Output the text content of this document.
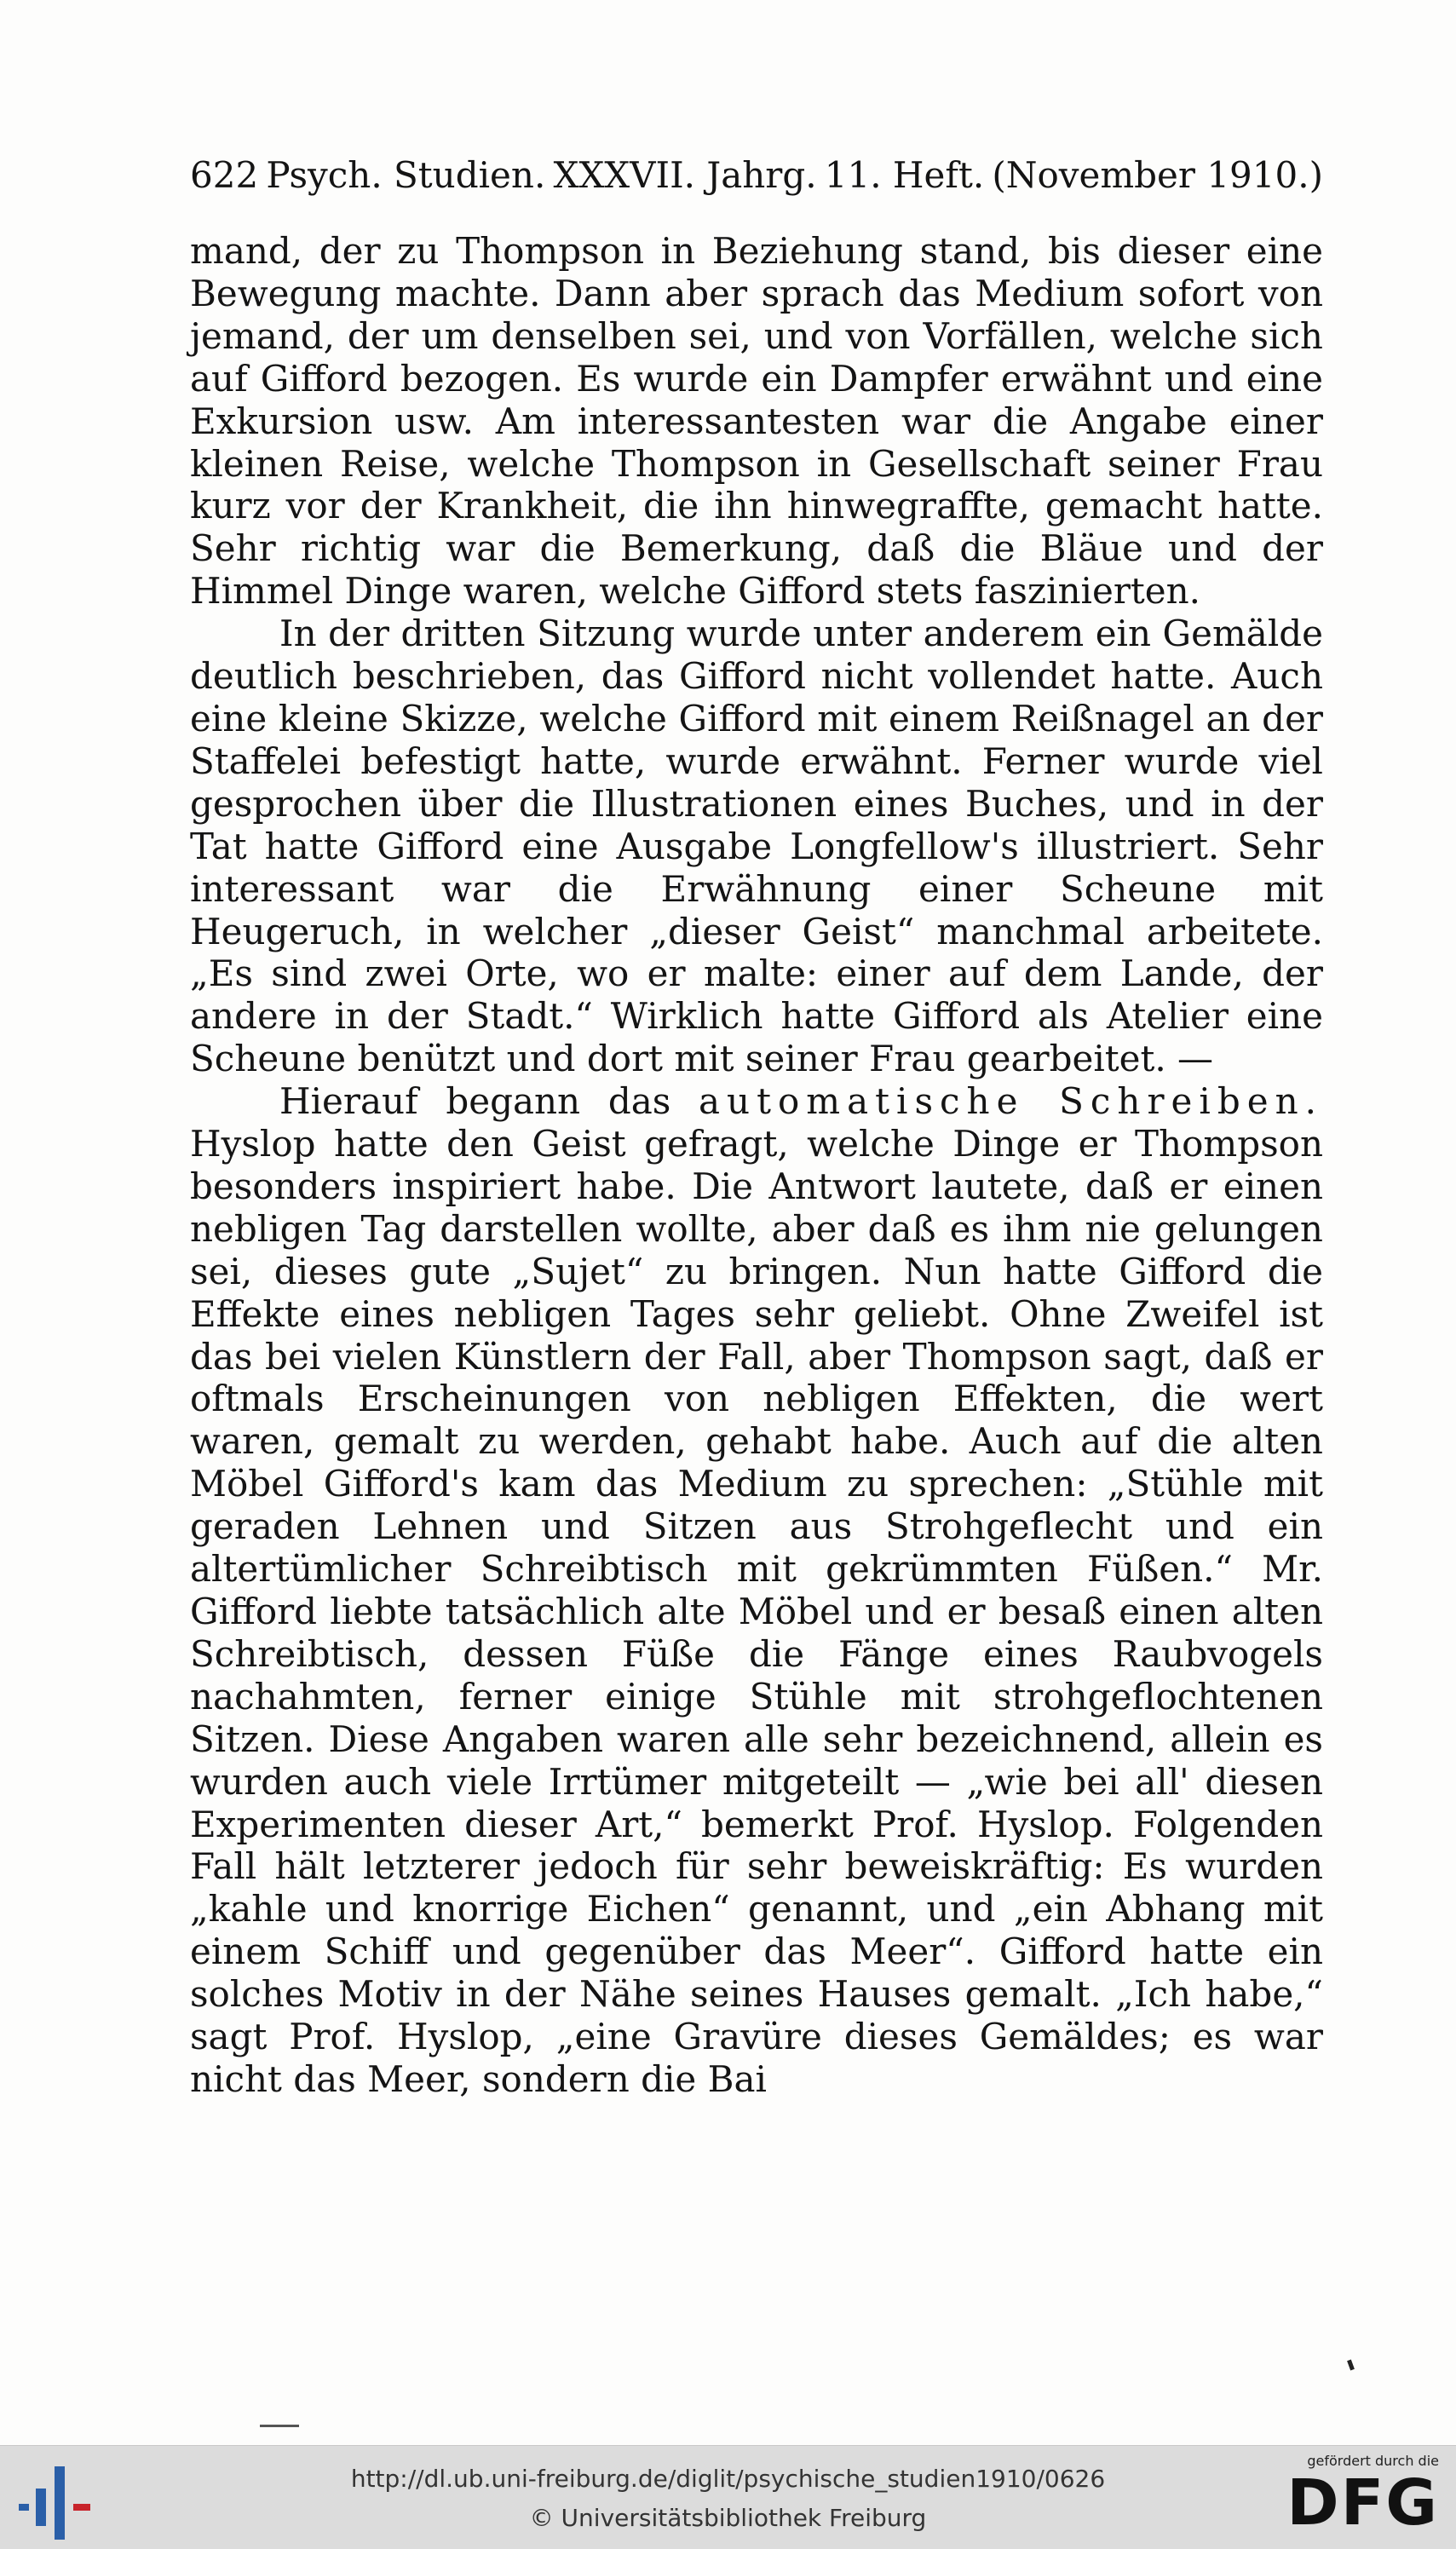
622 Psych. Studien. XXXVII. Jahrg. 11. Heft. (November 1910.)

mand, der zu Thompson in Beziehung stand, bis dieser eine Bewegung machte. Dann aber sprach das Medium sofort von jemand, der um denselben sei, und von Vorfällen, welche sich auf Gifford bezogen. Es wurde ein Dampfer erwähnt und eine Exkursion usw. Am interessantesten war die Angabe einer kleinen Reise, welche Thompson in Gesellschaft seiner Frau kurz vor der Krankheit, die ihn hinwegraffte, gemacht hatte. Sehr richtig war die Bemerkung, daß die Bläue und der Himmel Dinge waren, welche Gifford stets faszinierten.

In der dritten Sitzung wurde unter anderem ein Gemälde deutlich beschrieben, das Gifford nicht vollendet hatte. Auch eine kleine Skizze, welche Gifford mit einem Reißnagel an der Staffelei befestigt hatte, wurde erwähnt. Ferner wurde viel gesprochen über die Illustrationen eines Buches, und in der Tat hatte Gifford eine Ausgabe Longfellow's illustriert. Sehr interessant war die Erwähnung einer Scheune mit Heugeruch, in welcher „dieser Geist“ manchmal arbeitete. „Es sind zwei Orte, wo er malte: einer auf dem Lande, der andere in der Stadt.“ Wirklich hatte Gifford als Atelier eine Scheune benützt und dort mit seiner Frau gearbeitet. —

Hierauf begann das automatische Schreiben. Hyslop hatte den Geist gefragt, welche Dinge er Thompson besonders inspiriert habe. Die Antwort lautete, daß er einen nebligen Tag darstellen wollte, aber daß es ihm nie gelungen sei, dieses gute „Sujet“ zu bringen. Nun hatte Gifford die Effekte eines nebligen Tages sehr geliebt. Ohne Zweifel ist das bei vielen Künstlern der Fall, aber Thompson sagt, daß er oftmals Erscheinungen von nebligen Effekten, die wert waren, gemalt zu werden, gehabt habe. Auch auf die alten Möbel Gifford's kam das Medium zu sprechen: „Stühle mit geraden Lehnen und Sitzen aus Strohgeflecht und ein altertümlicher Schreibtisch mit gekrümmten Füßen.“ Mr. Gifford liebte tatsächlich alte Möbel und er besaß einen alten Schreibtisch, dessen Füße die Fänge eines Raubvogels nachahmten, ferner einige Stühle mit strohgeflochtenen Sitzen. Diese Angaben waren alle sehr bezeichnend, allein es wurden auch viele Irrtümer mitgeteilt — „wie bei all' diesen Experimenten dieser Art,“ bemerkt Prof. Hyslop. Folgenden Fall hält letzterer jedoch für sehr beweiskräftig: Es wurden „kahle und knorrige Eichen“ genannt, und „ein Abhang mit einem Schiff und gegenüber das Meer“. Gifford hatte ein solches Motiv in der Nähe seines Hauses gemalt. „Ich habe,“ sagt Prof. Hyslop, „eine Gravüre dieses Gemäldes; es war nicht das Meer, sondern die Bai

http://dl.ub.uni-freiburg.de/diglit/psychische_studien1910/0626
© Universitätsbibliothek Freiburg
gefördert durch die
DFG
